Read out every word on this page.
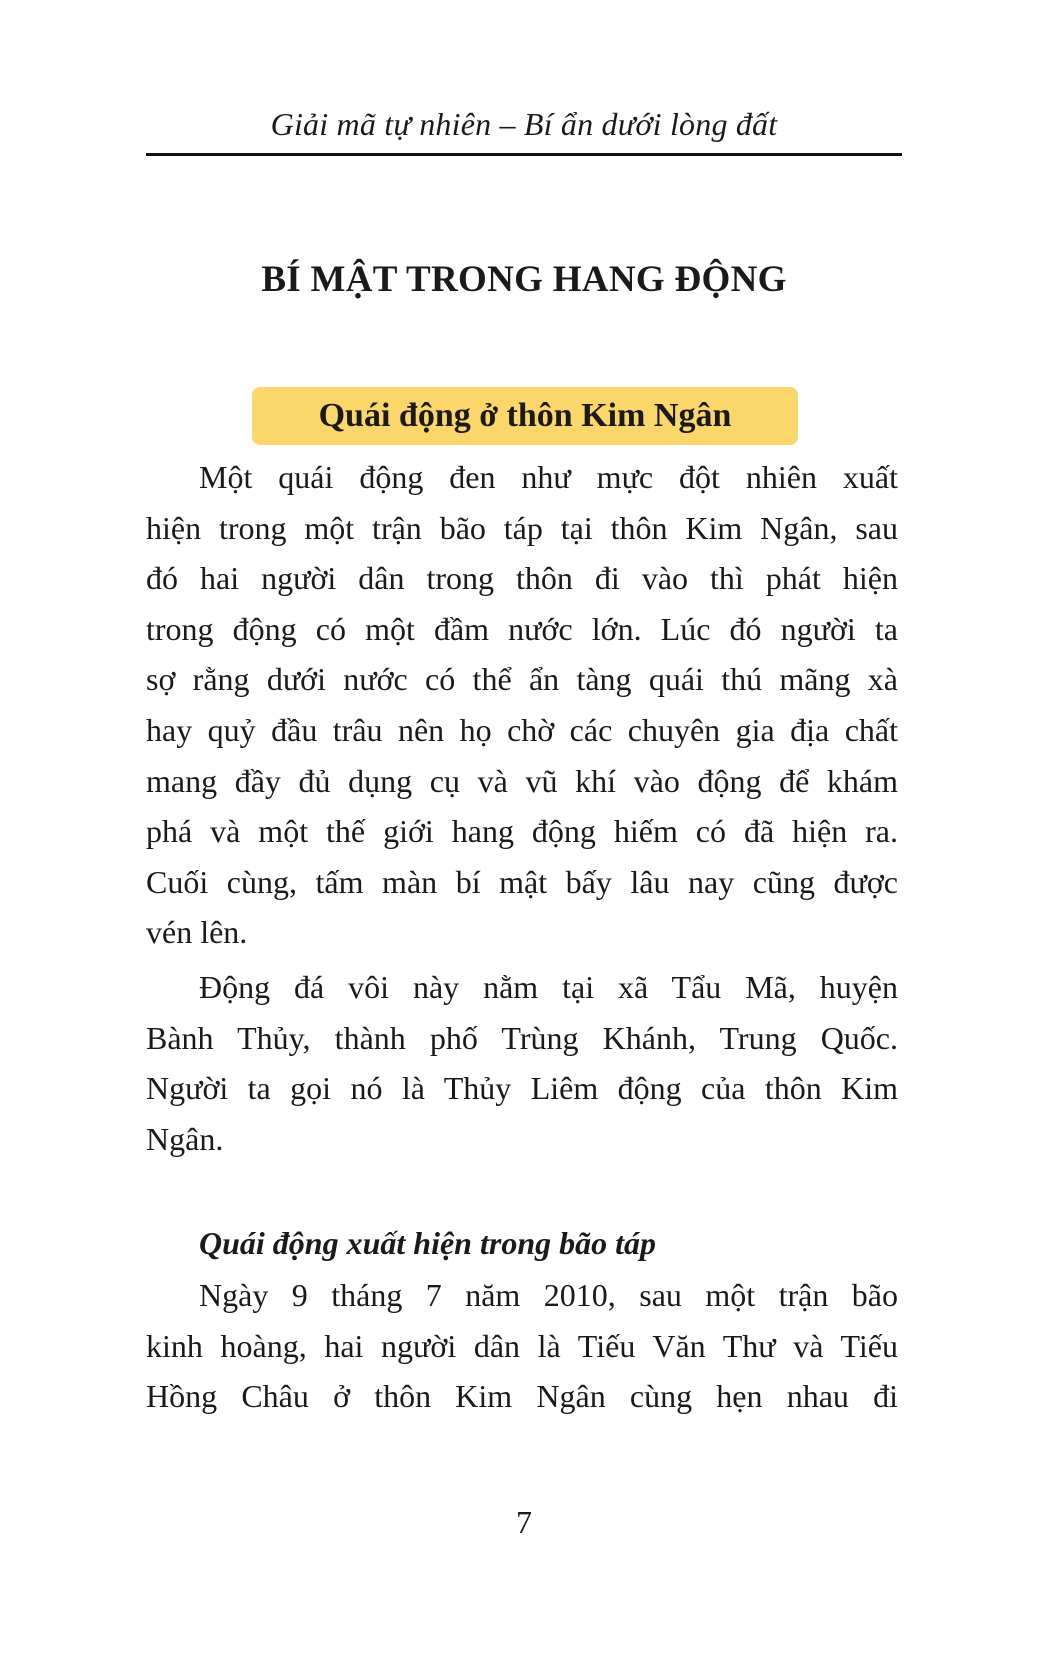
Giải mã tự nhiên – Bí ẩn dưới lòng đất
BÍ MẬT TRONG HANG ĐỘNG
Quái động ở thôn Kim Ngân
Một quái động đen như mực đột nhiên xuất
hiện trong một trận bão táp tại thôn Kim Ngân, sau
đó hai người dân trong thôn đi vào thì phát hiện
trong động có một đầm nước lớn. Lúc đó người ta
sợ rằng dưới nước có thể ẩn tàng quái thú mãng xà
hay quỷ đầu trâu nên họ chờ các chuyên gia địa chất
mang đầy đủ dụng cụ và vũ khí vào động để khám
phá và một thế giới hang động hiếm có đã hiện ra.
Cuối cùng, tấm màn bí mật bấy lâu nay cũng được
vén lên.
Động đá vôi này nằm tại xã Tẩu Mã, huyện
Bành Thủy, thành phố Trùng Khánh, Trung Quốc.
Người ta gọi nó là Thủy Liêm động của thôn Kim
Ngân.
Quái động xuất hiện trong bão táp
Ngày 9 tháng 7 năm 2010, sau một trận bão
kinh hoàng, hai người dân là Tiếu Văn Thư và Tiếu
Hồng Châu ở thôn Kim Ngân cùng hẹn nhau đi
7
